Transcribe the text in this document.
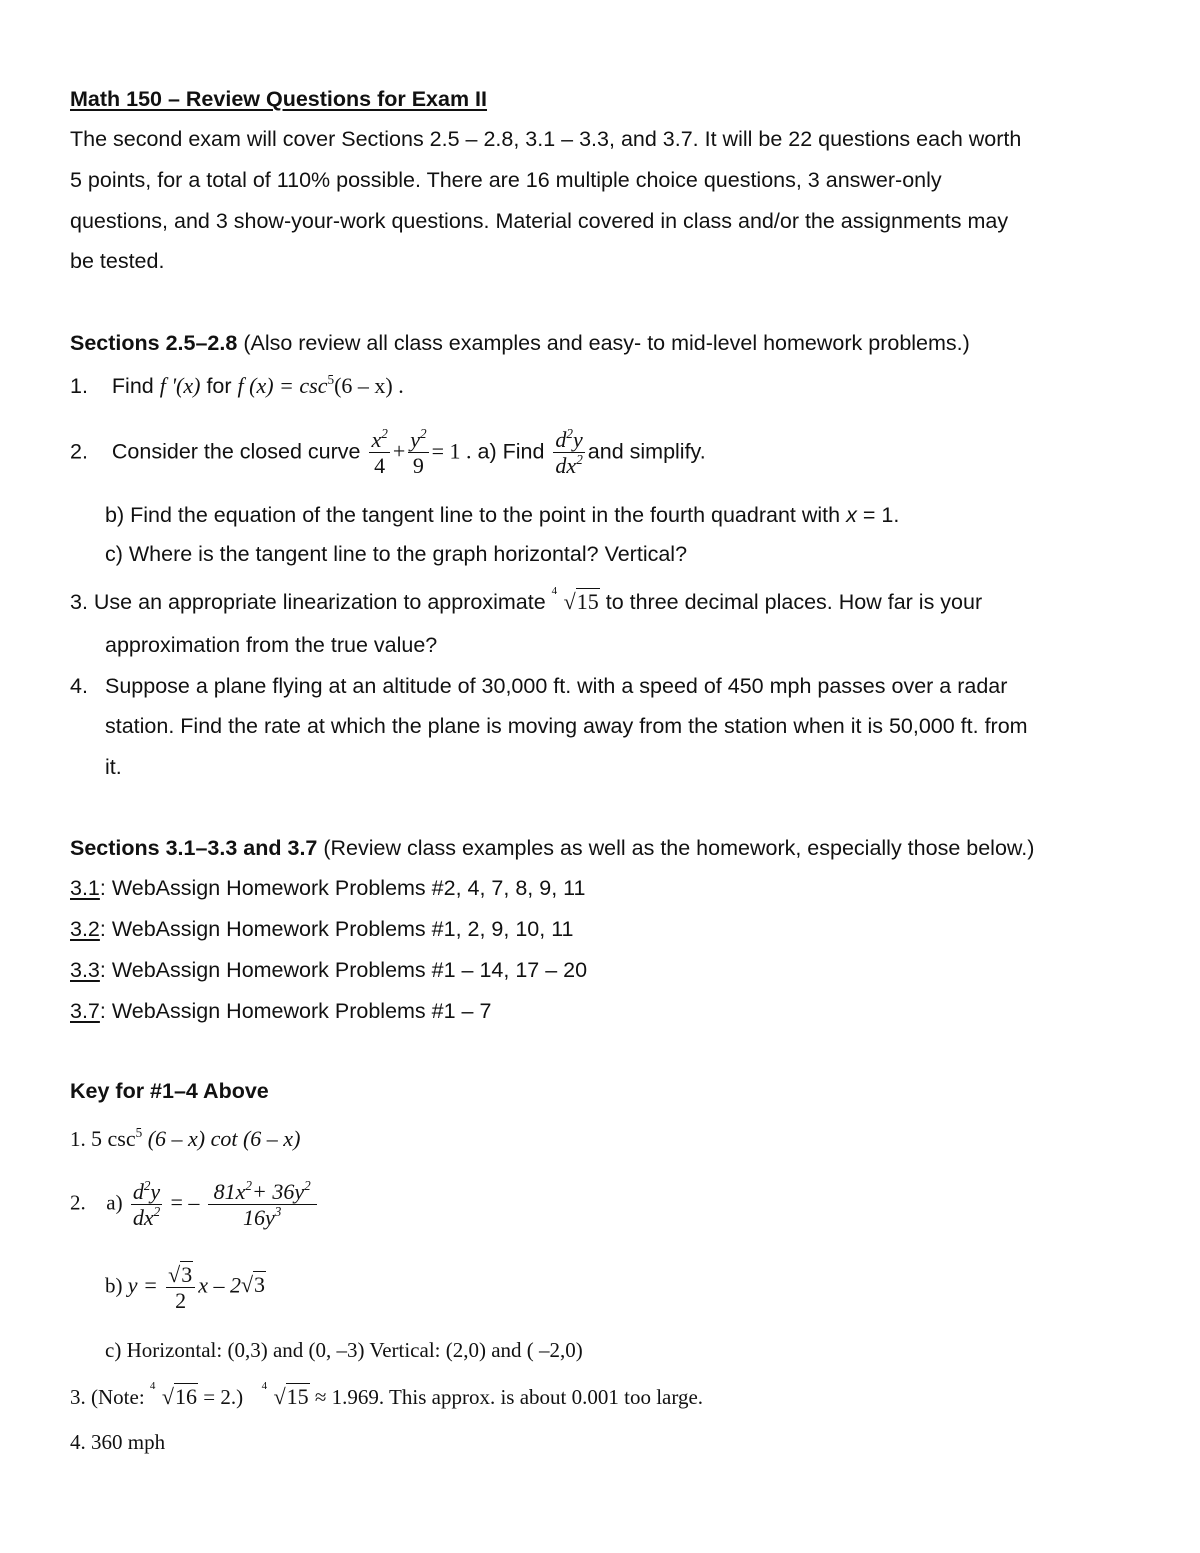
Math 150 – Review Questions for Exam II
The second exam will cover Sections 2.5 – 2.8, 3.1 – 3.3, and 3.7. It will be 22 questions each worth
5 points, for a total of 110% possible. There are 16 multiple choice questions, 3 answer-only
questions, and 3 show-your-work questions. Material covered in class and/or the assignments may
be tested.
Sections 2.5–2.8 (Also review all class examples and easy- to mid-level homework problems.)
1. Find f '(x) for f $(x) = \csc^5(6 - x)$ .
2. Consider the closed curve $\frac{x^2}{4} + \frac{y^2}{9} = 1$ . a) Find $\frac{d^2y}{dx^2}$ and simplify.
b) Find the equation of the tangent line to the point in the fourth quadrant with x = 1.
c) Where is the tangent line to the graph horizontal? Vertical?
3. Use an appropriate linearization to approximate 4 √15 to three decimal places. How far is your
approximation from the true value?
4. Suppose a plane flying at an altitude of 30,000 ft. with a speed of 450 mph passes over a radar
station. Find the rate at which the plane is moving away from the station when it is 50,000 ft. from
it.
Sections 3.1–3.3 and 3.7 (Review class examples as well as the homework, especially those below.)
3.1: WebAssign Homework Problems #2, 4, 7, 8, 9, 11
3.2: WebAssign Homework Problems #1, 2, 9, 10, 11
3.3: WebAssign Homework Problems #1 – 14, 17 – 20
3.7: WebAssign Homework Problems #1 – 7
Key for #1–4 Above
1. 5 $\csc^5 (6 - x)$ cot (6 – x)
2. $a) \frac{d^2y}{dx^2}$ = – $\frac{81x^2+ 36y^2}{16y^3}$
b) $y = \frac{√3}{2}$ x – 2√3
c) Horizontal: (0,3) and (0, –3) Vertical: (2,0) and ( –2,0)
3. (Note: 4 √16 = 2.) 4 √15 ≈ 1.969. This approx. is about 0.001 too large.
4. 360 mph
